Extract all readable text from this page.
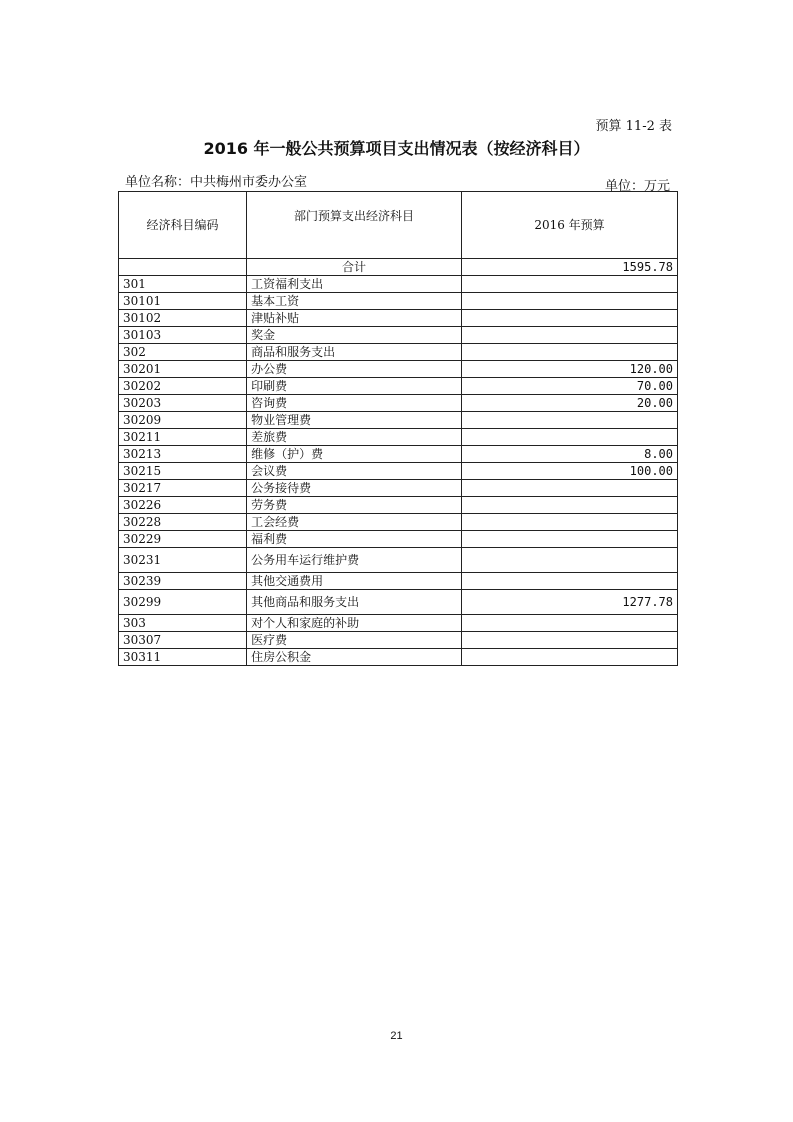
预算 11-2 表
2016 年一般公共预算项目支出情况表（按经济科目）
单位名称：中共梅州市委办公室	单位：万元
经济科目编码	部门预算支出经济科目	2016 年预算
	合计	1595.78
301	工资福利支出	
30101	基本工资	
30102	津贴补贴	
30103	奖金	
302	商品和服务支出	
30201	办公费	120.00
30202	印刷费	70.00
30203	咨询费	20.00
30209	物业管理费	
30211	差旅费	
30213	维修（护）费	8.00
30215	会议费	100.00
30217	公务接待费	
30226	劳务费	
30228	工会经费	
30229	福利费	
30231	公务用车运行维护费	
30239	其他交通费用	
30299	其他商品和服务支出	1277.78
303	对个人和家庭的补助	
30307	医疗费	
30311	住房公积金	
21
